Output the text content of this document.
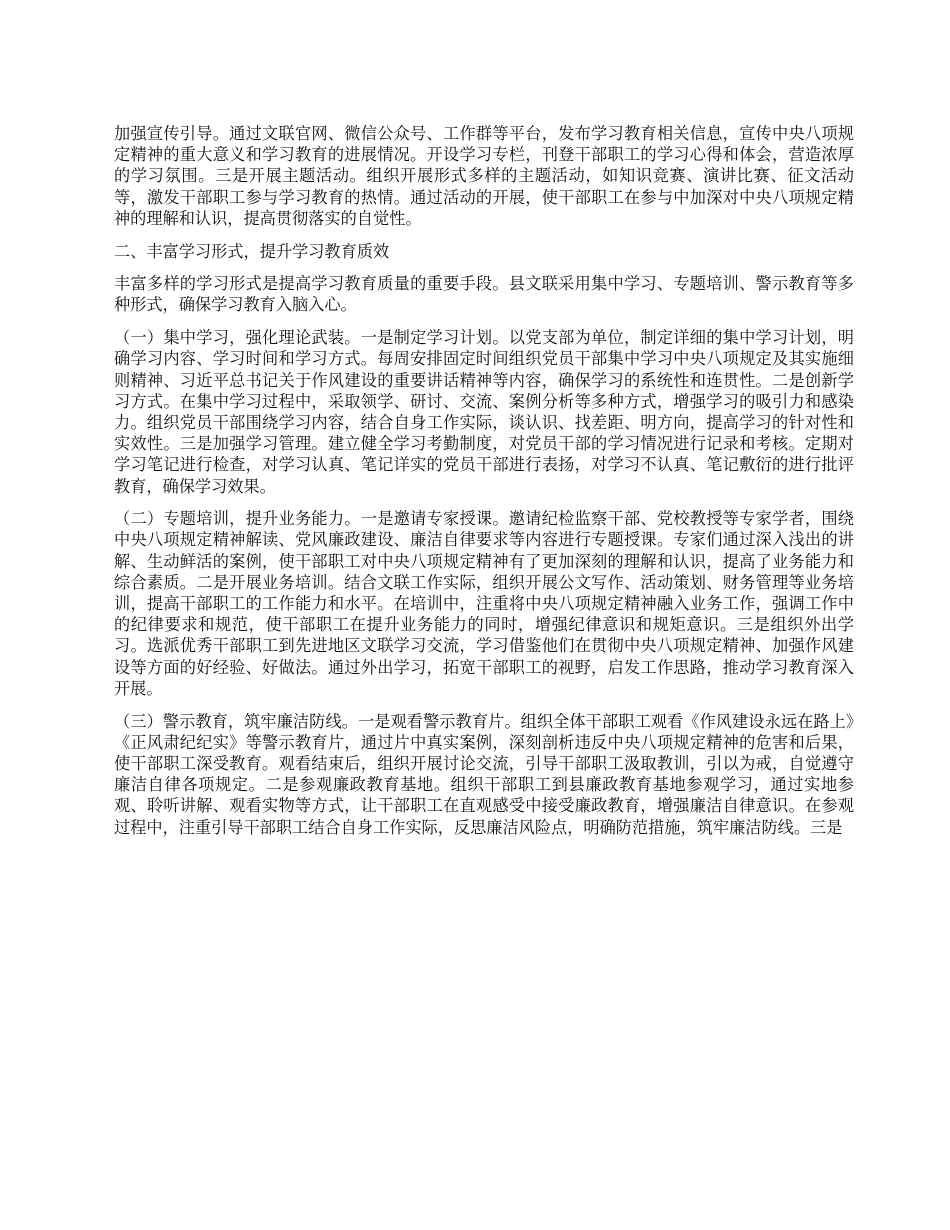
加强宣传引导。通过文联官网、微信公众号、工作群等平台，发布学习教育相关信息，宣传中央八项规定精神的重大意义和学习教育的进展情况。开设学习专栏，刊登干部职工的学习心得和体会，营造浓厚的学习氛围。三是开展主题活动。组织开展形式多样的主题活动，如知识竞赛、演讲比赛、征文活动等，激发干部职工参与学习教育的热情。通过活动的开展，使干部职工在参与中加深对中央八项规定精神的理解和认识，提高贯彻落实的自觉性。

二、丰富学习形式，提升学习教育质效

丰富多样的学习形式是提高学习教育质量的重要手段。县文联采用集中学习、专题培训、警示教育等多种形式，确保学习教育入脑入心。

（一）集中学习，强化理论武装。一是制定学习计划。以党支部为单位，制定详细的集中学习计划，明确学习内容、学习时间和学习方式。每周安排固定时间组织党员干部集中学习中央八项规定及其实施细则精神、习近平总书记关于作风建设的重要讲话精神等内容，确保学习的系统性和连贯性。二是创新学习方式。在集中学习过程中，采取领学、研讨、交流、案例分析等多种方式，增强学习的吸引力和感染力。组织党员干部围绕学习内容，结合自身工作实际，谈认识、找差距、明方向，提高学习的针对性和实效性。三是加强学习管理。建立健全学习考勤制度，对党员干部的学习情况进行记录和考核。定期对学习笔记进行检查，对学习认真、笔记详实的党员干部进行表扬，对学习不认真、笔记敷衍的进行批评教育，确保学习效果。

（二）专题培训，提升业务能力。一是邀请专家授课。邀请纪检监察干部、党校教授等专家学者，围绕中央八项规定精神解读、党风廉政建设、廉洁自律要求等内容进行专题授课。专家们通过深入浅出的讲解、生动鲜活的案例，使干部职工对中央八项规定精神有了更加深刻的理解和认识，提高了业务能力和综合素质。二是开展业务培训。结合文联工作实际，组织开展公文写作、活动策划、财务管理等业务培训，提高干部职工的工作能力和水平。在培训中，注重将中央八项规定精神融入业务工作，强调工作中的纪律要求和规范，使干部职工在提升业务能力的同时，增强纪律意识和规矩意识。三是组织外出学习。选派优秀干部职工到先进地区文联学习交流，学习借鉴他们在贯彻中央八项规定精神、加强作风建设等方面的好经验、好做法。通过外出学习，拓宽干部职工的视野，启发工作思路，推动学习教育深入开展。

（三）警示教育，筑牢廉洁防线。一是观看警示教育片。组织全体干部职工观看《作风建设永远在路上》《正风肃纪纪实》等警示教育片，通过片中真实案例，深刻剖析违反中央八项规定精神的危害和后果，使干部职工深受教育。观看结束后，组织开展讨论交流，引导干部职工汲取教训，引以为戒，自觉遵守廉洁自律各项规定。二是参观廉政教育基地。组织干部职工到县廉政教育基地参观学习，通过实地参观、聆听讲解、观看实物等方式，让干部职工在直观感受中接受廉政教育，增强廉洁自律意识。在参观过程中，注重引导干部职工结合自身工作实际，反思廉洁风险点，明确防范措施，筑牢廉洁防线。三是
